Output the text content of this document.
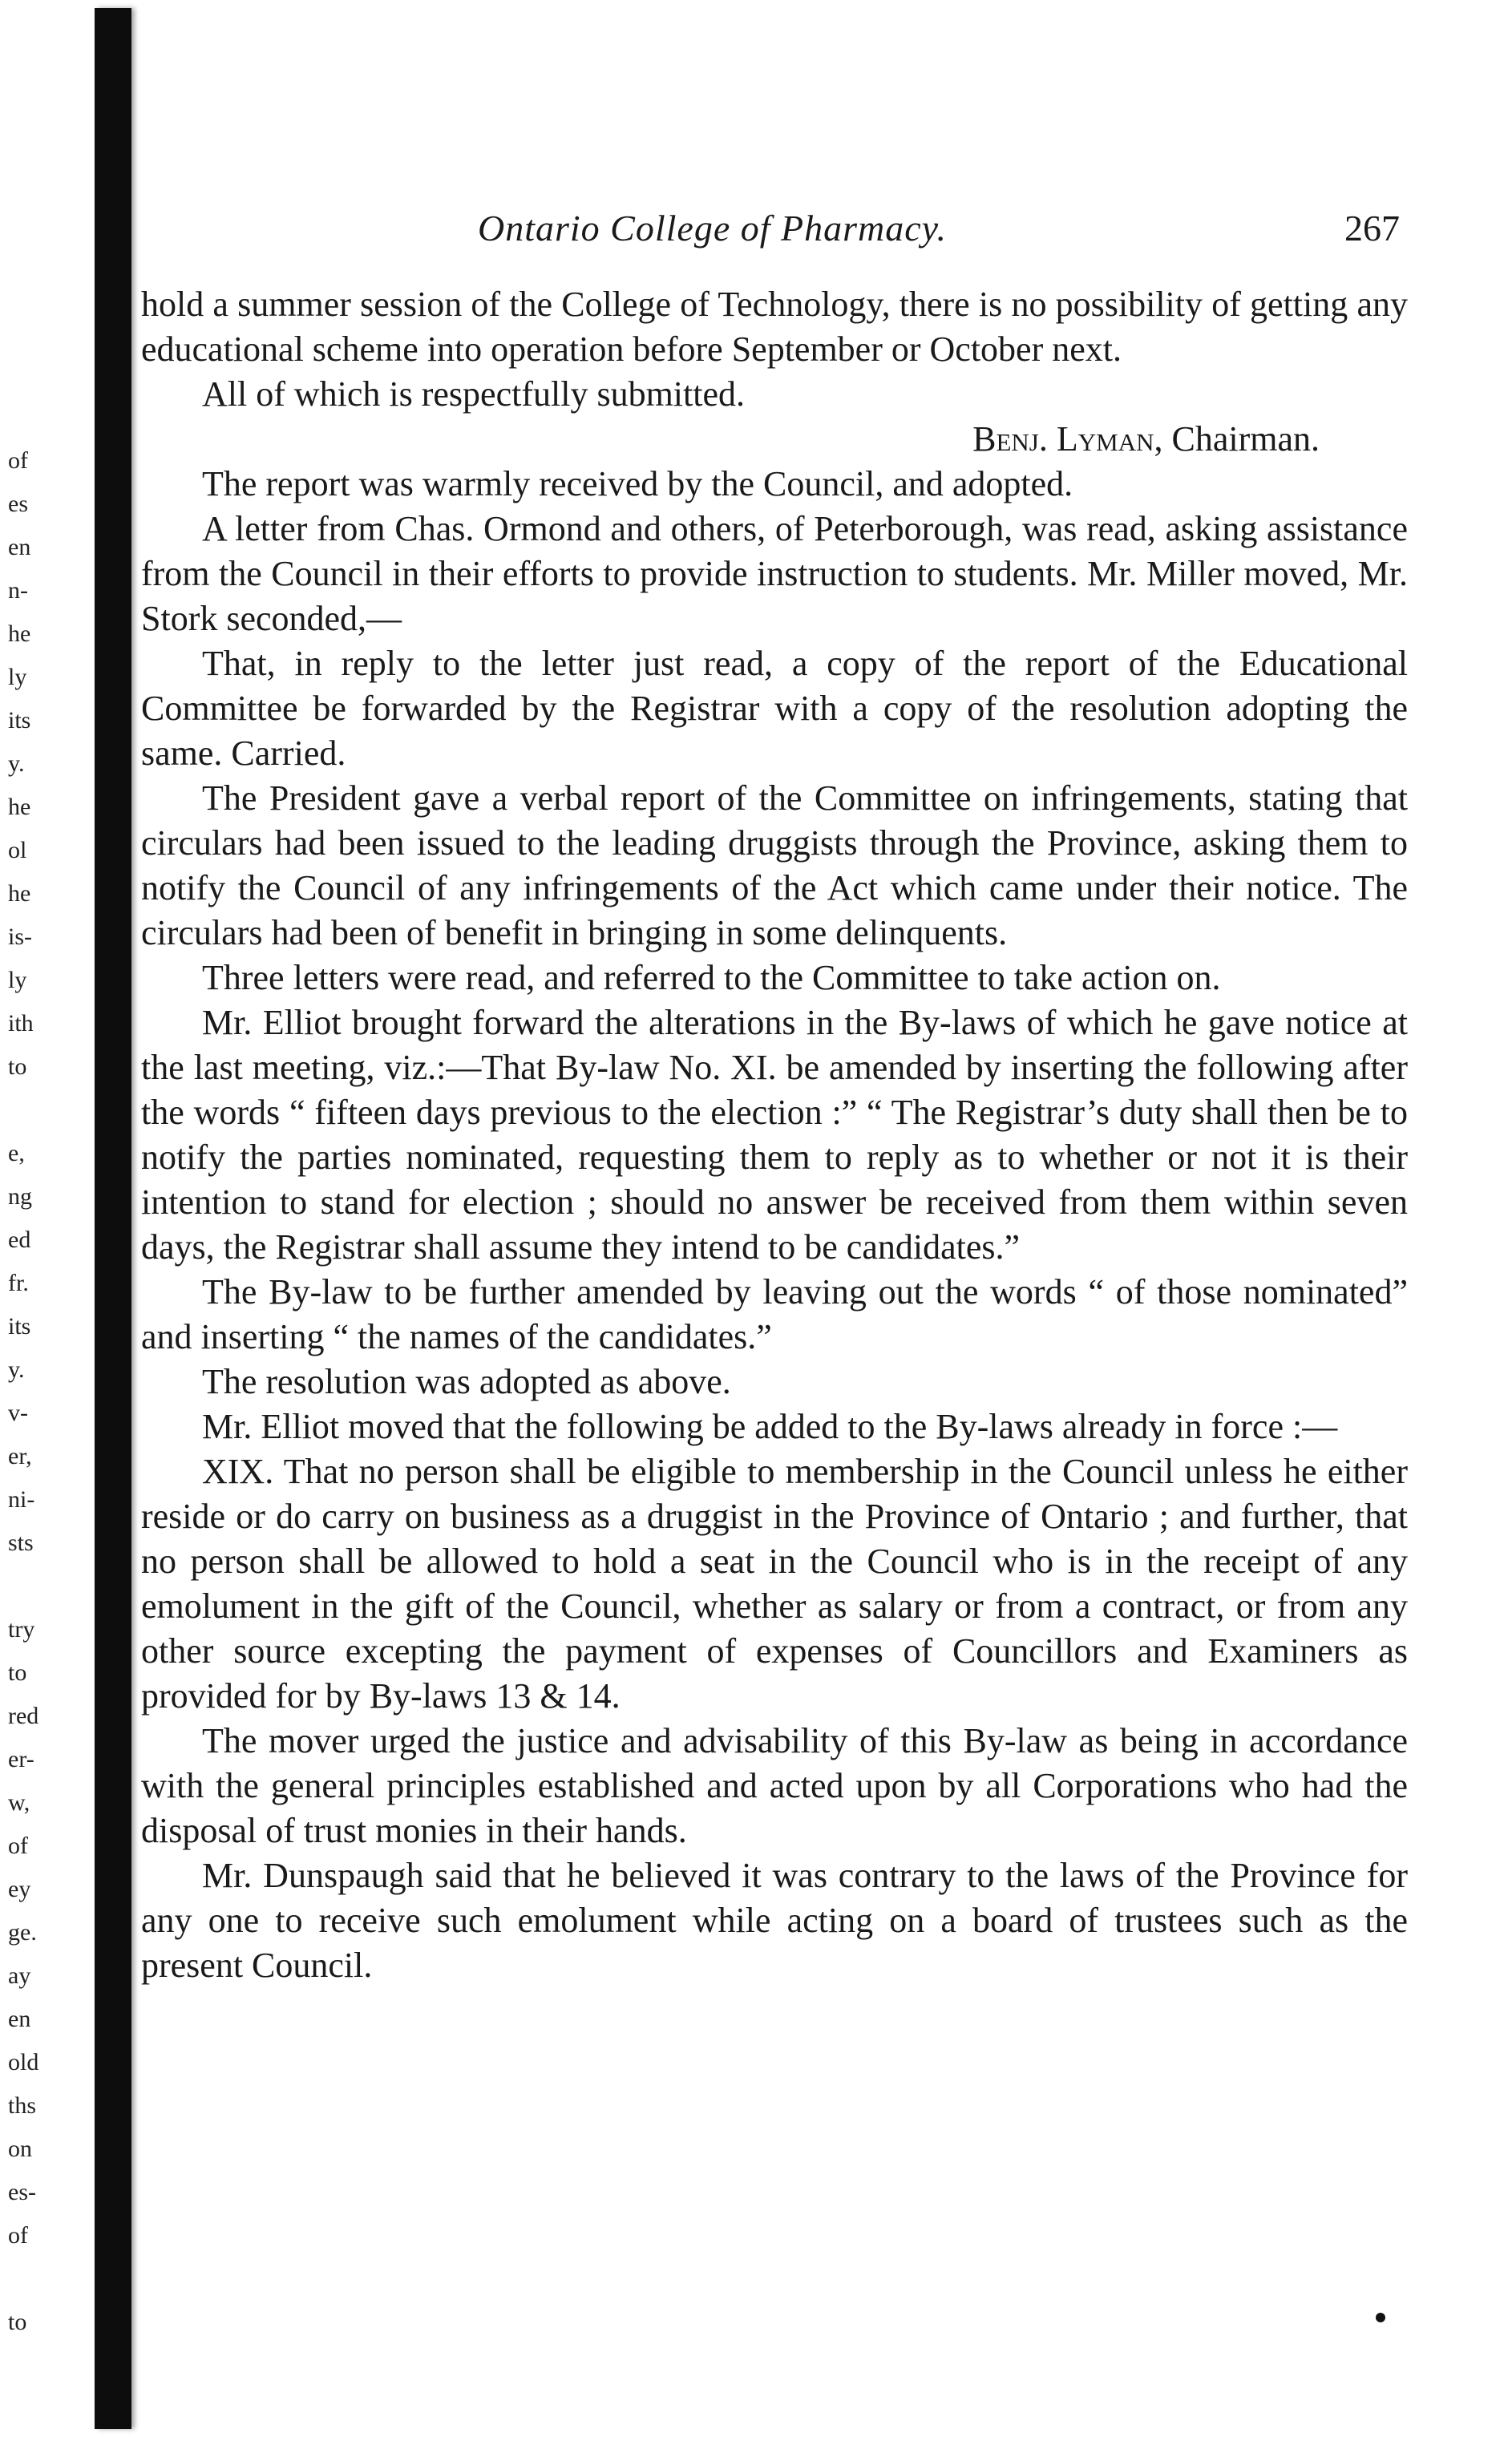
of
es
en
n-
he
ly
its
y.
he
ol
he
is-
ly
ith
to
e,
ng
ed
fr.
its
y.
v-
er,
ni-
sts
try
to
red
er-
w,
of
ey
ge.
ay
en
old
ths
on
es-
of
to
Ontario College of Pharmacy.	267

hold a summer session of the College of Technology, there is no possibility of getting any educational scheme into operation before September or October next.

All of which is respectfully submitted.

Benj. Lyman, Chairman.

The report was warmly received by the Council, and adopted.

A letter from Chas. Ormond and others, of Peterborough, was read, asking assistance from the Council in their efforts to provide instruction to students. Mr. Miller moved, Mr. Stork seconded,—

That, in reply to the letter just read, a copy of the report of the Educational Committee be forwarded by the Registrar with a copy of the resolution adopting the same. Carried.

The President gave a verbal report of the Committee on infringements, stating that circulars had been issued to the leading druggists through the Province, asking them to notify the Council of any infringements of the Act which came under their notice. The circulars had been of benefit in bringing in some delinquents.

Three letters were read, and referred to the Committee to take action on.

Mr. Elliot brought forward the alterations in the By-laws of which he gave notice at the last meeting, viz.:—That By-law No. XI. be amended by inserting the following after the words “ fifteen days previous to the election :” “ The Registrar’s duty shall then be to notify the parties nominated, requesting them to reply as to whether or not it is their intention to stand for election ; should no answer be received from them within seven days, the Registrar shall assume they intend to be candidates.”

The By-law to be further amended by leaving out the words “ of those nominated” and inserting “ the names of the candidates.”

The resolution was adopted as above.

Mr. Elliot moved that the following be added to the By-laws already in force :—

XIX. That no person shall be eligible to membership in the Council unless he either reside or do carry on business as a druggist in the Province of Ontario ; and further, that no person shall be allowed to hold a seat in the Council who is in the receipt of any emolument in the gift of the Council, whether as salary or from a contract, or from any other source excepting the payment of expenses of Councillors and Examiners as provided for by By-laws 13 & 14.

The mover urged the justice and advisability of this By-law as being in accordance with the general principles established and acted upon by all Corporations who had the disposal of trust monies in their hands.

Mr. Dunspaugh said that he believed it was contrary to the laws of the Province for any one to receive such emolument while acting on a board of trustees such as the present Council.
